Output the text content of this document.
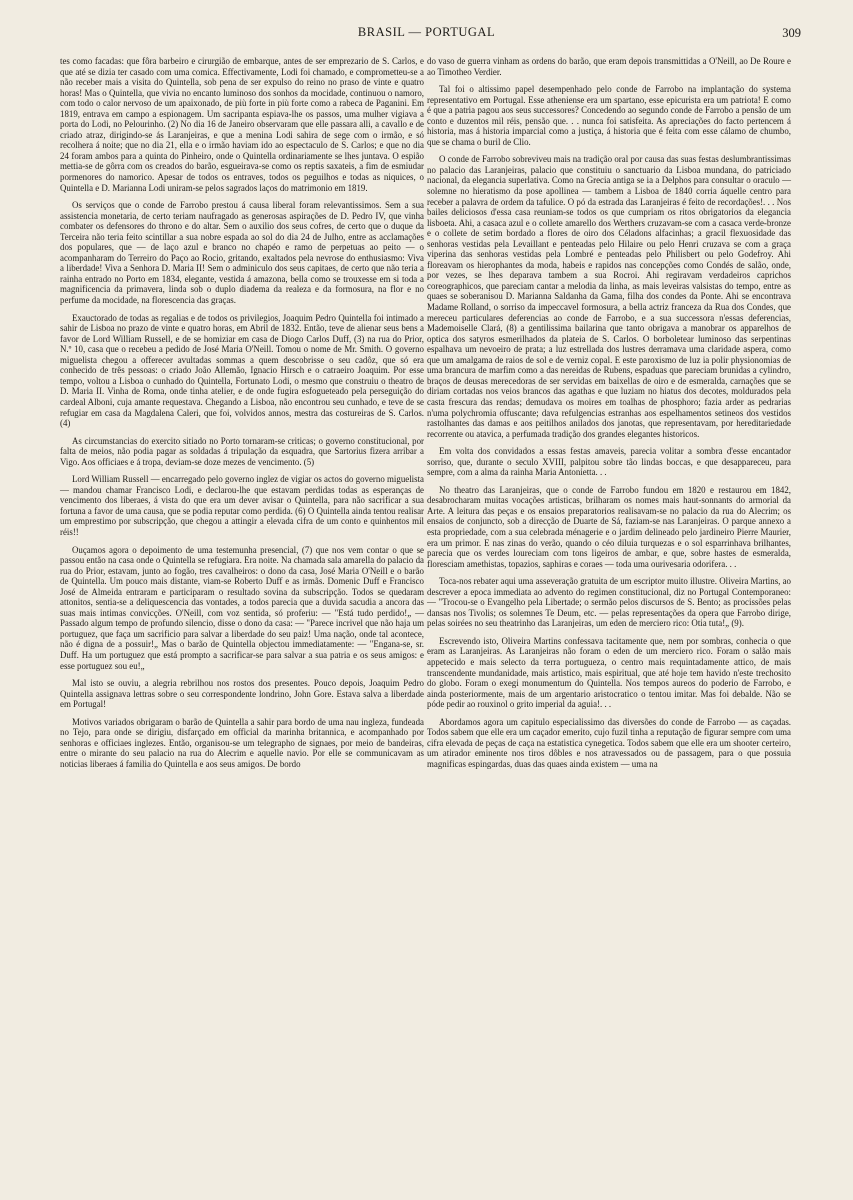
BRASIL — PORTUGAL	309

tes como facadas: que fôra barbeiro e cirurgião de embarque, antes de ser emprezario de S. Carlos, e que até se dizia ter casado com uma comica. Effectivamente, Lodi foi chamado, e comprometteu-se a não receber mais a visita do Quintella, sob pena de ser expulso do reino no praso de vinte e quatro horas! Mas o Quintella, que vivia no encanto luminoso dos sonhos da mocidade, continuou o namoro, com todo o calor nervoso de um apaixonado, de più forte in più forte como a rabeca de Paganini. Em 1819, entrava em campo a espionagem. Um sacripanta espiava-lhe os passos, uma mulher vigiava a porta do Lodi, no Pelourinho. (2) No dia 16 de Janeiro observaram que elle passara alli, a cavallo e de criado atraz, dirigindo-se ás Laranjeiras, e que a menina Lodi sahira de sege com o irmão, e só recolhera á noite; que no dia 21, ella e o irmão haviam ido ao espectaculo de S. Carlos; e que no dia 24 foram ambos para a quinta do Pinheiro, onde o Quintella ordinariamente se lhes juntava. O espião mettia-se de gôrra com os creados do barão, esgueirava-se como os reptis saxateis, a fim de esmiudar pormenores do namorico. Apesar de todos os entraves, todos os peguilhos e todas as niquices, o Quintella e D. Marianna Lodi uniram-se pelos sagrados laços do matrimonio em 1819.

Os serviços que o conde de Farrobo prestou á causa liberal foram relevantissimos. Sem a sua assistencia monetaria, de certo teriam naufragado as generosas aspirações de D. Pedro IV, que vinha combater os defensores do throno e do altar. Sem o auxilio dos seus cofres, de certo que o duque da Terceira não teria feito scintillar a sua nobre espada ao sol do dia 24 de Julho, entre as acclamações dos populares, que — de laço azul e branco no chapéo e ramo de perpetuas ao peito — o acompanharam do Terreiro do Paço ao Rocio, gritando, exaltados pela nevrose do enthusiasmo: Viva a liberdade! Viva a Senhora D. Maria II! Sem o adminiculo dos seus capitaes, de certo que não teria a rainha entrado no Porto em 1834, elegante, vestida á amazona, bella como se trouxesse em si toda a magnificencia da primavera, linda sob o duplo diadema da realeza e da formosura, na flor e no perfume da mocidade, na florescencia das graças.

Exauctorado de todas as regalias e de todos os privilegios, Joaquim Pedro Quintella foi intimado a sahir de Lisboa no prazo de vinte e quatro horas, em Abril de 1832. Então, teve de alienar seus bens a favor de Lord William Russell, e de se homiziar em casa de Diogo Carlos Duff, (3) na rua do Prior, N.º 10, casa que o recebeu a pedido de José Maria O'Neill. Tomou o nome de Mr. Smith. O governo miguelista chegou a offerecer avultadas sommas a quem descobrisse o seu cadôz, que só era conhecido de três pessoas: o criado João Allemão, Ignacio Hirsch e o catraeiro Joaquim. Por esse tempo, voltou a Lisboa o cunhado do Quintella, Fortunato Lodi, o mesmo que construiu o theatro de D. Maria II. Vinha de Roma, onde tinha atelier, e de onde fugira esfogueteado pela perseguição do cardeal Alboni, cuja amante requestava. Chegando a Lisboa, não encontrou seu cunhado, e teve de se refugiar em casa da Magdalena Caleri, que foi, volvidos annos, mestra das costureiras de S. Carlos. (4)

As circumstancias do exercito sitiado no Porto tornaram-se criticas; o governo constitucional, por falta de meios, não podia pagar as soldadas á tripulação da esquadra, que Sartorius fizera arribar a Vigo. Aos officiaes e á tropa, deviam-se doze mezes de vencimento. (5)

Lord William Russell — encarregado pelo governo inglez de vigiar os actos do governo miguelista — mandou chamar Francisco Lodi, e declarou-lhe que estavam perdidas todas as esperanças de vencimento dos liberaes, á vista do que era um dever avisar o Quintella, para não sacrificar a sua fortuna a favor de uma causa, que se podia reputar como perdida. (6) O Quintella ainda tentou realisar um emprestimo por subscripção, que chegou a attingir a elevada cifra de um conto e quinhentos mil réis!!

Ouçamos agora o depoimento de uma testemunha presencial, (7) que nos vem contar o que se passou então na casa onde o Quintella se refugiara. Era noite. Na chamada sala amarella do palacio da rua do Prior, estavam, junto ao fogão, tres cavalheiros: o dono da casa, José Maria O'Neill e o barão de Quintella. Um pouco mais distante, viam-se Roberto Duff e as irmãs. Domenic Duff e Francisco José de Almeida entraram e participaram o resultado sovina da subscripção. Todos se quedaram attonitos, sentia-se a deliquescencia das vontades, a todos parecia que a duvida sacudia a ancora das suas mais intimas convicções. O'Neill, com voz sentida, só proferiu: — "Está tudo perdido!„ — Passado algum tempo de profundo silencio, disse o dono da casa: — "Parece incrivel que não haja um portuguez, que faça um sacrificio para salvar a liberdade do seu paiz! Uma nação, onde tal acontece, não é digna de a possuir!„ Mas o barão de Quintella objectou immediatamente: — "Engana-se, sr. Duff. Ha um portuguez que está prompto a sacrificar-se para salvar a sua patria e os seus amigos: e esse portuguez sou eu!„

Mal isto se ouviu, a alegria rebrilhou nos rostos dos presentes. Pouco depois, Joaquim Pedro Quintella assignava lettras sobre o seu correspondente londrino, John Gore. Estava salva a liberdade em Portugal!

Motivos variados obrigaram o barão de Quintella a sahir para bordo de uma nau ingleza, fundeada no Tejo, para onde se dirigiu, disfarçado em official da marinha britannica, e acompanhado por senhoras e officiaes inglezes. Então, organisou-se um telegrapho de signaes, por meio de bandeiras, entre o mirante do seu palacio na rua do Alecrim e aquelle navio. Por elle se communicavam as noticias liberaes á familia do Quintella e aos seus amigos. De bordo

do vaso de guerra vinham as ordens do barão, que eram depois transmittidas a O'Neill, ao De Roure e ao Timotheo Verdier.

Tal foi o altissimo papel desempenhado pelo conde de Farrobo na implantação do systema representativo em Portugal. Esse atheniense era um spartano, esse epicurista era um patriota! E como é que a patria pagou aos seus successores? Concedendo ao segundo conde de Farrobo a pensão de um conto e duzentos mil réis, pensão que. . . nunca foi satisfeita. As apreciações do facto pertencem á historia, mas á historia imparcial como a justiça, á historia que é feita com esse cálamo de chumbo, que se chama o buril de Clio.

O conde de Farrobo sobreviveu mais na tradição oral por causa das suas festas deslumbrantissimas no palacio das Laranjeiras, palacio que constituiu o sanctuario da Lisboa mundana, do patriciado nacional, da elegancia superlativa. Como na Grecia antiga se ia a Delphos para consultar o oraculo — solemne no hieratismo da pose apollinea — tambem a Lisboa de 1840 corria áquelle centro para receber a palavra de ordem da tafulice. O pó da estrada das Laranjeiras é feito de recordações!. . . Nos bailes deliciosos d'essa casa reuniam-se todos os que cumpriam os ritos obrigatorios da elegancia lisboeta. Ahi, a casaca azul e o collete amarello dos Werthers cruzavam-se com a casaca verde-bronze e o collete de setim bordado a flores de oiro dos Céladons alfacinhas; a gracil flexuosidade das senhoras vestidas pela Levaillant e penteadas pelo Hilaire ou pelo Henri cruzava se com a graça viperina das senhoras vestidas pela Lombré e penteadas pelo Philisbert ou pelo Godefroy. Ahi floreavam os hierophantes da moda, habeis e rapidos nas concepções como Condés de salão, onde, por vezes, se lhes deparava tambem a sua Rocroi. Ahi regiravam verdadeiros caprichos coreographicos, que pareciam cantar a melodia da linha, as mais leveiras valsistas do tempo, entre as quaes se soberanisou D. Marianna Saldanha da Gama, filha dos condes da Ponte. Ahi se encontrava Madame Rolland, o sorriso da impeccavel formosura, a bella actriz franceza da Rua dos Condes, que mereceu particulares deferencias ao conde de Farrobo, e a sua successora n'essas deferencias, Mademoiselle Clará, (8) a gentilissima bailarina que tanto obrigava a manobrar os apparelhos de optica dos satyros esmerilhados da plateia de S. Carlos. O borboletear luminoso das serpentinas espalhava um nevoeiro de prata; a luz estrellada dos lustres derramava uma claridade aspera, como que um amalgama de raios de sol e de verniz copal. E este paroxismo de luz ia polir physionomias de uma brancura de marfim como a das nereidas de Rubens, espaduas que pareciam brunidas a cylindro, braços de deusas merecedoras de ser servidas em baixellas de oiro e de esmeralda, carnações que se diriam cortadas nos veios brancos das agathas e que luziam no hiatus dos decotes, moldurados pela casta frescura das rendas; demudava os moires em toalhas de phosphoro; fazia arder as pedrarias n'uma polychromia offuscante; dava refulgencias estranhas aos espelhamentos setineos dos vestidos rastolhantes das damas e aos peitilhos anilados dos janotas, que representavam, por hereditariedade recorrente ou atavica, a perfumada tradição dos grandes elegantes historicos.

Em volta dos convidados a essas festas amaveis, parecia volitar a sombra d'esse encantador sorriso, que, durante o seculo XVIII, palpitou sobre tão lindas boccas, e que desappareceu, para sempre, com a alma da rainha Maria Antonietta. . .

No theatro das Laranjeiras, que o conde de Farrobo fundou em 1820 e restaurou em 1842, desabrocharam muitas vocações artisticas, brilharam os nomes mais haut-sonnants do armorial da Arte. A leitura das peças e os ensaios preparatorios realisavam-se no palacio da rua do Alecrim; os ensaios de conjuncto, sob a direcção de Duarte de Sá, faziam-se nas Laranjeiras. O parque annexo a esta propriedade, com a sua celebrada ménagerie e o jardim delineado pelo jardineiro Pierre Maurier, era um primor. E nas zinas do verão, quando o céo diluia turquezas e o sol esparrinhava brilhantes, parecia que os verdes loureciam com tons ligeiros de ambar, e que, sobre hastes de esmeralda, floresciam amethistas, topazios, saphiras e coraes — toda uma ourivesaria odorifera. . .

Toca-nos rebater aqui uma asseveração gratuita de um escriptor muito illustre. Oliveira Martins, ao descrever a epoca immediata ao advento do regimen constitucional, diz no Portugal Contemporaneo: — "Trocou-se o Evangelho pela Libertade; o sermão pelos discursos de S. Bento; as procissões pelas dansas nos Tivolis; os solemnes Te Deum, etc. — pelas representações da opera que Farrobo dirige, pelas soirées no seu theatrinho das Laranjeiras, um eden de merciero rico: Otia tuta!„ (9).

Escrevendo isto, Oliveira Martins confessava tacitamente que, nem por sombras, conhecia o que eram as Laranjeiras. As Laranjeiras não foram o eden de um merciero rico. Foram o salão mais appetecido e mais selecto da terra portugueza, o centro mais requintadamente attico, de mais transcendente mundanidade, mais artistico, mais espiritual, que até hoje tem havido n'este trechosito do globo. Foram o exegi monumentum do Quintella. Nos tempos aureos do poderio de Farrobo, e ainda posteriormente, mais de um argentario aristocratico o tentou imitar. Mas foi debalde. Não se póde pedir ao rouxinol o grito imperial da aguia!. . .

Abordamos agora um capitulo especialissimo das diversões do conde de Farrobo — as caçadas. Todos sabem que elle era um caçador emerito, cujo fuzil tinha a reputação de figurar sempre com uma cifra elevada de peças de caça na estatistica cynegetica. Todos sabem que elle era um shooter certeiro, um atirador eminente nos tiros dôbles e nos atravessados ou de passagem, para o que possuia magnificas espingardas, duas das quaes ainda existem — uma na
